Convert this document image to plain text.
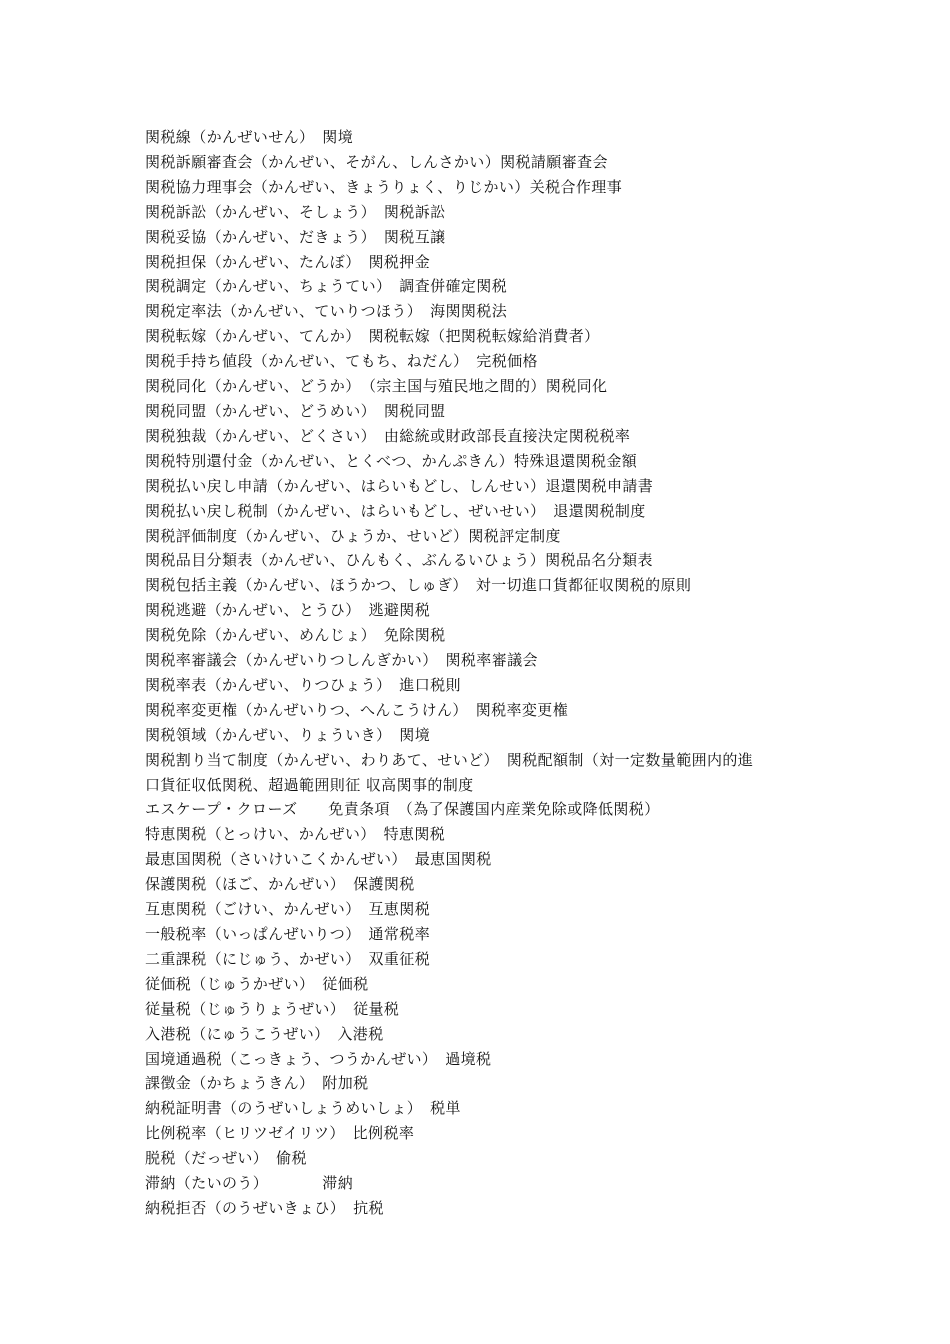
関税線（かんぜいせん）　関境
関税訴願審査会（かんぜい、そがん、しんさかい）関税請願審査会
関税協力理事会（かんぜい、きょうりょく、りじかい）关税合作理事
関税訴訟（かんぜい、そしょう）　関税訴訟
関税妥協（かんぜい、だきょう）　関税互譲
関税担保（かんぜい、たんぼ）　関税押金
関税調定（かんぜい、ちょうてい）　調査併確定関税
関税定率法（かんぜい、ていりつほう）　海関関税法
関税転嫁（かんぜい、てんか）　関税転嫁（把関税転嫁給消費者）
関税手持ち値段（かんぜい、てもち、ねだん）　完税価格
関税同化（かんぜい、どうか）　（宗主国与殖民地之間的）関税同化
関税同盟（かんぜい、どうめい）　関税同盟
関税独裁（かんぜい、どくさい）　由総統或財政部長直接決定関税税率
関税特別還付金（かんぜい、とくべつ、かんぷきん）特殊退還関税金額
関税払い戻し申請（かんぜい、はらいもどし、しんせい）退還関税申請書
関税払い戻し税制（かんぜい、はらいもどし、ぜいせい）　退還関税制度
関税評価制度（かんぜい、ひょうか、せいど）関税評定制度
関税品目分類表（かんぜい、ひんもく、ぶんるいひょう）関税品名分類表
関税包括主義（かんぜい、ほうかつ、しゅぎ）　対一切進口貨都征収関税的原則
関税逃避（かんぜい、とうひ）　逃避関税
関税免除（かんぜい、めんじょ）　免除関税
関税率審議会（かんぜいりつしんぎかい）　関税率審議会
関税率表（かんぜい、りつひょう）　進口税則
関税率変更権（かんぜいりつ、へんこうけん）　関税率変更権
関税領域（かんぜい、りょういき）　関境
関税割り当て制度（かんぜい、わりあて、せいど）　関税配額制（対一定数量範囲内的進
口貨征収低関税、超過範囲則征 収高関事的制度
エスケープ・クローズ　　免責条項　（為了保護国内産業免除或降低関税）
特恵関税（とっけい、かんぜい）　特恵関税
最恵国関税（さいけいこくかんぜい）　最恵国関税
保護関税（ほご、かんぜい）　保護関税
互恵関税（ごけい、かんぜい）　互恵関税
一般税率（いっぱんぜいりつ）　通常税率
二重課税（にじゅう、かぜい）　双重征税
従価税（じゅうかぜい）　従価税
従量税（じゅうりょうぜい）　従量税
入港税（にゅうこうぜい）　入港税
国境通過税（こっきょう、つうかんぜい）　過境税
課徴金（かちょうきん）　附加税
納税証明書（のうぜいしょうめいしょ）　税単
比例税率（ヒリツゼイリツ）　比例税率
脱税（だっぜい）　偷税
滞納（たいのう）　　　　滞納
納税拒否（のうぜいきょひ）　抗税
